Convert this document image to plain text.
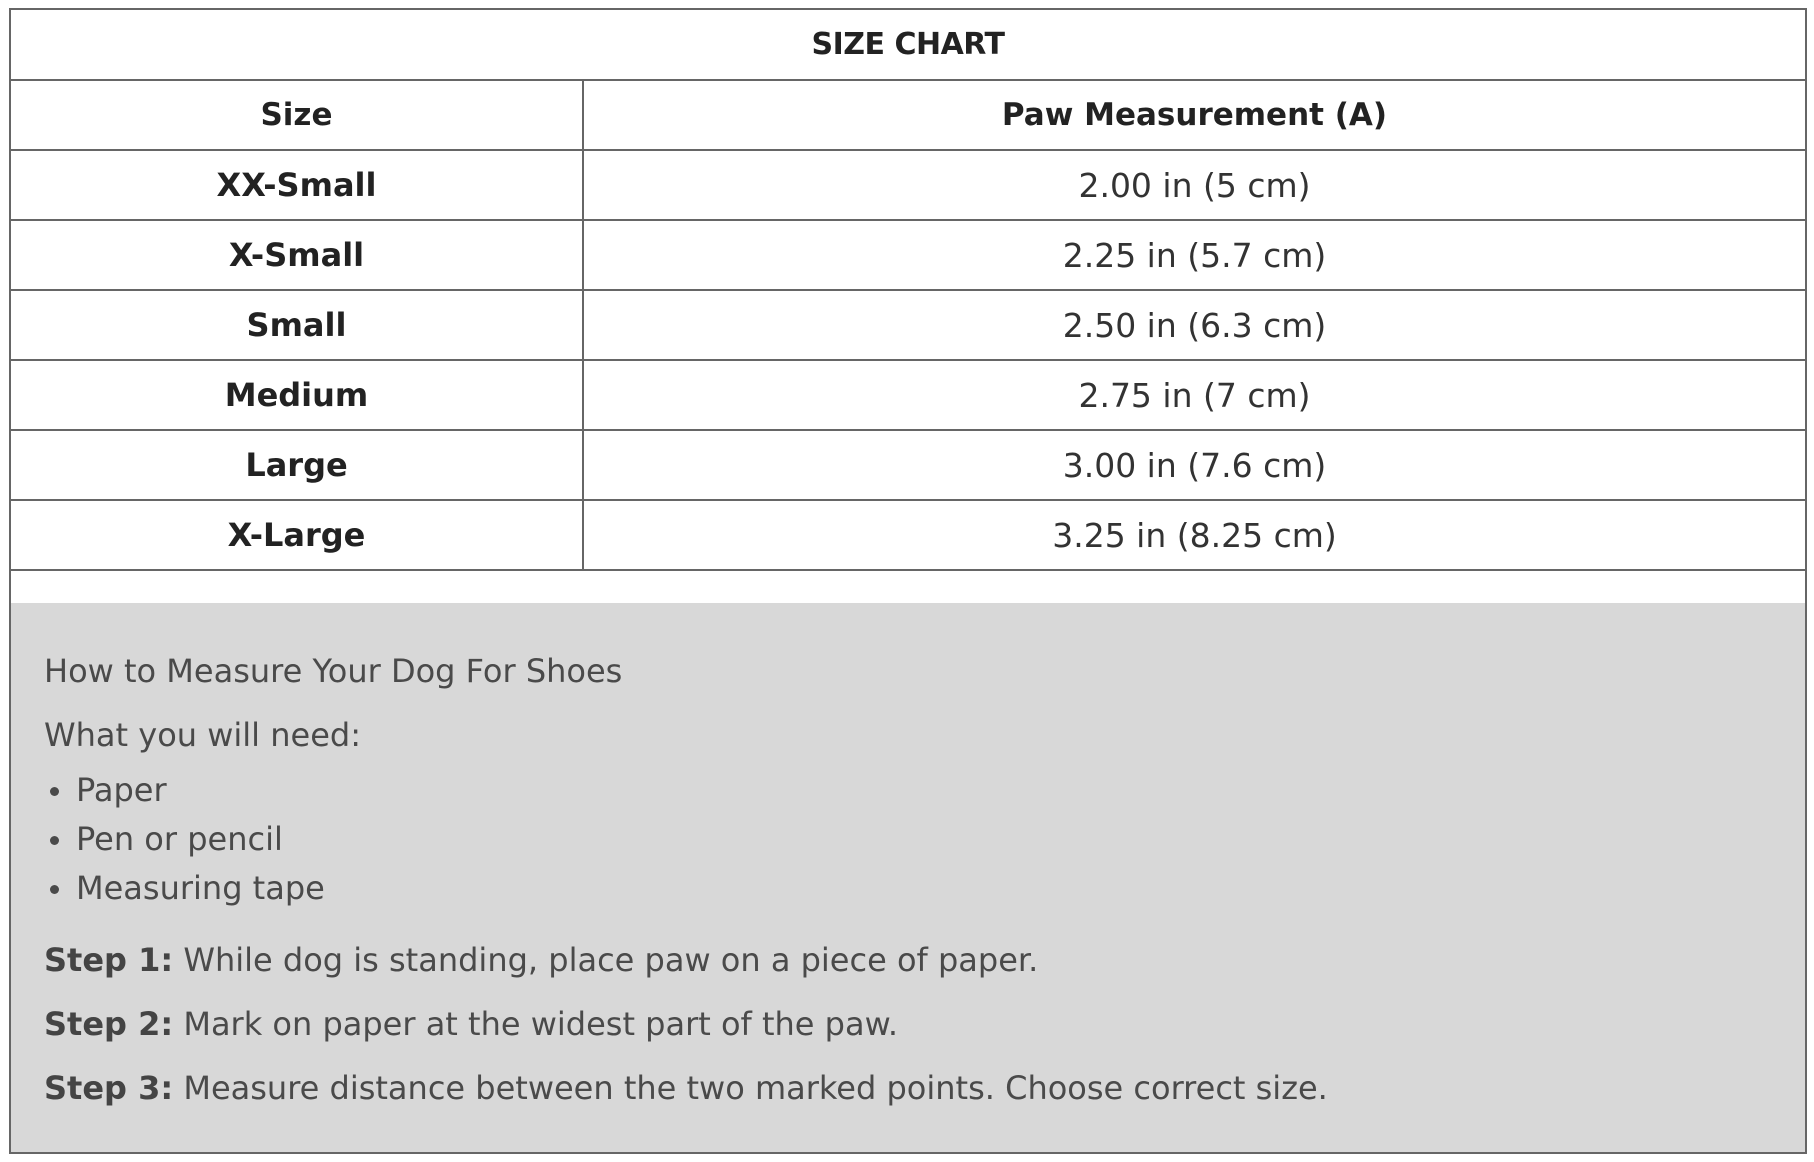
SIZE CHART	
Size	Paw Measurement (A)
XX-Small	2.00 in (5 cm)
X-Small	2.25 in (5.7 cm)
Small	2.50 in (6.3 cm)
Medium	2.75 in (7 cm)
Large	3.00 in (7.6 cm)
X-Large	3.25 in (8.25 cm)
How to Measure Your Dog For Shoes
What you will need:
Paper
Pen or pencil
Measuring tape
Step 1: While dog is standing, place paw on a piece of paper.
Step 2: Mark on paper at the widest part of the paw.
Step 3: Measure distance between the two marked points. Choose correct size.
